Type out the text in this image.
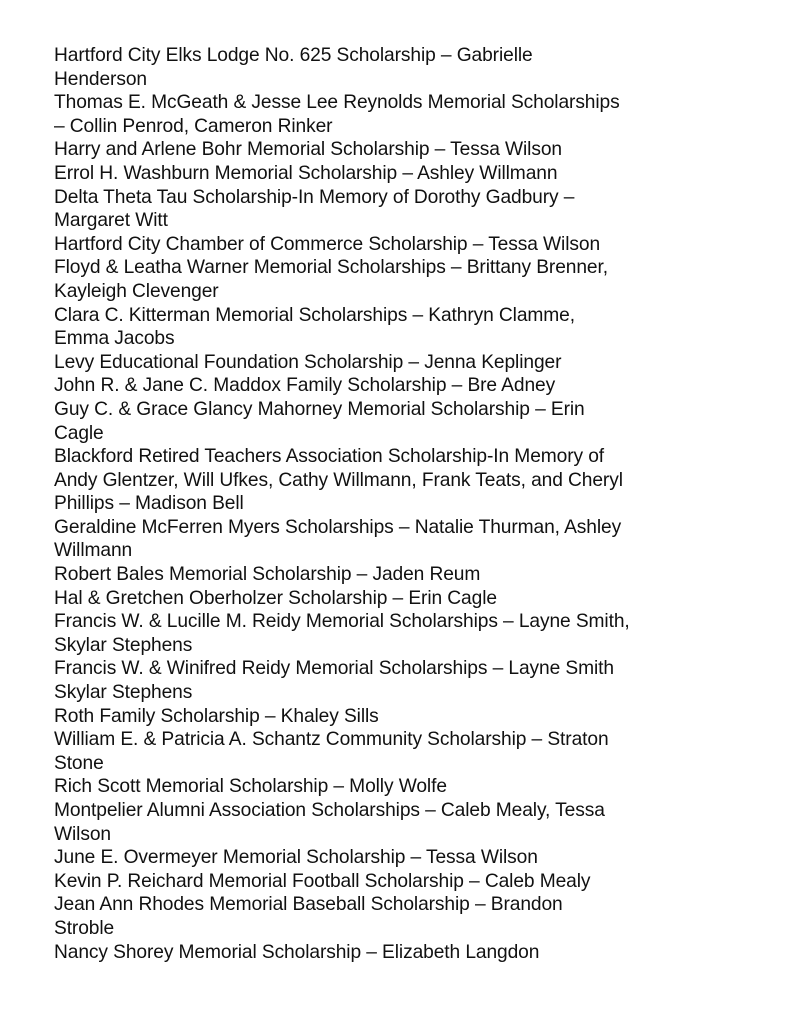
Hartford City Elks Lodge No. 625 Scholarship – Gabrielle
Henderson

Thomas E. McGeath & Jesse Lee Reynolds Memorial Scholarships
– Collin Penrod, Cameron Rinker

Harry and Arlene Bohr Memorial Scholarship – Tessa Wilson

Errol H. Washburn Memorial Scholarship – Ashley Willmann

Delta Theta Tau Scholarship-In Memory of Dorothy Gadbury –
Margaret Witt

Hartford City Chamber of Commerce Scholarship – Tessa Wilson

Floyd & Leatha Warner Memorial Scholarships – Brittany Brenner,
Kayleigh Clevenger

Clara C. Kitterman Memorial Scholarships – Kathryn Clamme,
Emma Jacobs

Levy Educational Foundation Scholarship – Jenna Keplinger

John R. & Jane C. Maddox Family Scholarship – Bre Adney

Guy C. & Grace Glancy Mahorney Memorial Scholarship – Erin
Cagle

Blackford Retired Teachers Association Scholarship-In Memory of
Andy Glentzer, Will Ufkes, Cathy Willmann, Frank Teats, and Cheryl
Phillips – Madison Bell

Geraldine McFerren Myers Scholarships – Natalie Thurman, Ashley
Willmann

Robert Bales Memorial Scholarship – Jaden Reum

Hal & Gretchen Oberholzer Scholarship – Erin Cagle

Francis W. & Lucille M. Reidy Memorial Scholarships – Layne Smith,
Skylar Stephens

Francis W. & Winifred Reidy Memorial Scholarships – Layne Smith
Skylar Stephens

Roth Family Scholarship – Khaley Sills

William E. & Patricia A. Schantz Community Scholarship – Straton
Stone

Rich Scott Memorial Scholarship – Molly Wolfe

Montpelier Alumni Association Scholarships – Caleb Mealy, Tessa
Wilson

June E. Overmeyer Memorial Scholarship – Tessa Wilson

Kevin P. Reichard Memorial Football Scholarship – Caleb Mealy

Jean Ann Rhodes Memorial Baseball Scholarship – Brandon
Stroble

Nancy Shorey Memorial Scholarship – Elizabeth Langdon
